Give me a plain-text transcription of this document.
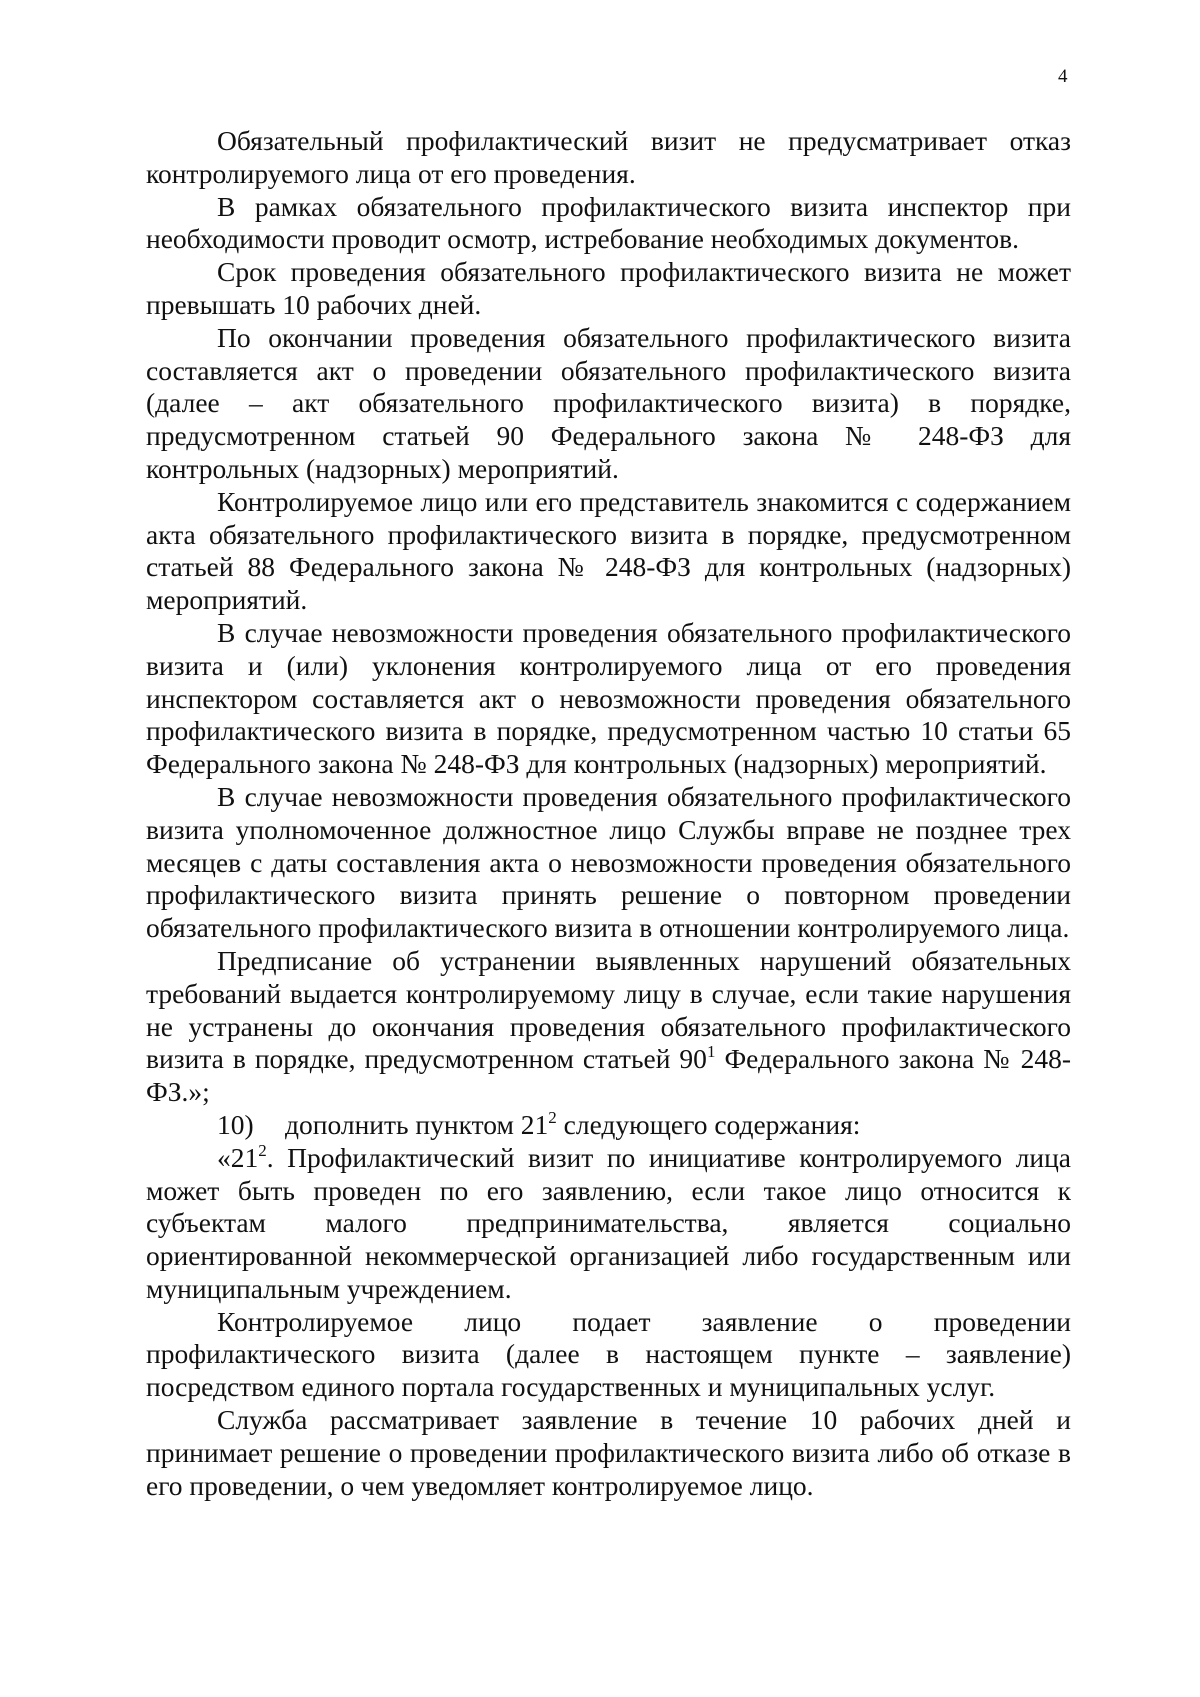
4

Обязательный профилактический визит не предусматривает отказ контролируемого лица от его проведения.

В рамках обязательного профилактического визита инспектор при необходимости проводит осмотр, истребование необходимых документов.

Срок проведения обязательного профилактического визита не может превышать 10 рабочих дней.

По окончании проведения обязательного профилактического визита составляется акт о проведении обязательного профилактического визита (далее – акт обязательного профилактического визита) в порядке, предусмотренном статьей 90 Федерального закона № 248-ФЗ для контрольных (надзорных) мероприятий.

Контролируемое лицо или его представитель знакомится с содержанием акта обязательного профилактического визита в порядке, предусмотренном статьей 88 Федерального закона № 248-ФЗ для контрольных (надзорных) мероприятий.

В случае невозможности проведения обязательного профилактического визита и (или) уклонения контролируемого лица от его проведения инспектором составляется акт о невозможности проведения обязательного профилактического визита в порядке, предусмотренном частью 10 статьи 65 Федерального закона № 248-ФЗ для контрольных (надзорных) мероприятий.

В случае невозможности проведения обязательного профилактического визита уполномоченное должностное лицо Службы вправе не позднее трех месяцев с даты составления акта о невозможности проведения обязательного профилактического визита принять решение о повторном проведении обязательного профилактического визита в отношении контролируемого лица.

Предписание об устранении выявленных нарушений обязательных требований выдается контролируемому лицу в случае, если такие нарушения не устранены до окончания проведения обязательного профилактического визита в порядке, предусмотренном статьей $90^1$ Федерального закона № 248-ФЗ.»;

10) дополнить пунктом $21^2$ следующего содержания:

«$21^2$. Профилактический визит по инициативе контролируемого лица может быть проведен по его заявлению, если такое лицо относится к субъектам малого предпринимательства, является социально ориентированной некоммерческой организацией либо государственным или муниципальным учреждением.

Контролируемое лицо подает заявление о проведении профилактического визита (далее в настоящем пункте – заявление) посредством единого портала государственных и муниципальных услуг.

Служба рассматривает заявление в течение 10 рабочих дней и принимает решение о проведении профилактического визита либо об отказе в его проведении, о чем уведомляет контролируемое лицо.
